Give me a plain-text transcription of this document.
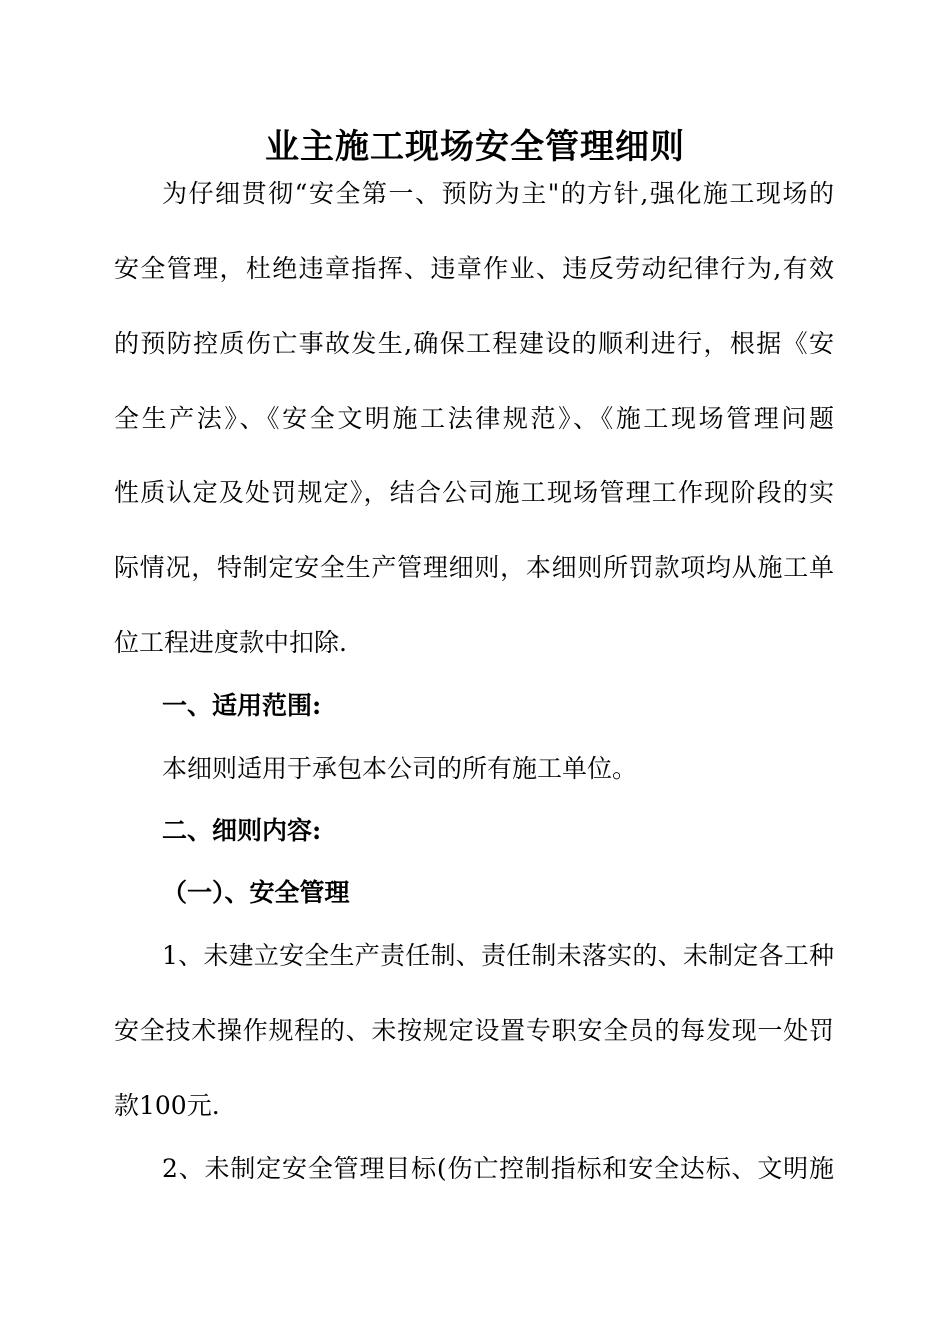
业主施工现场安全管理细则
为仔细贯彻“安全第一、预防为主"的方针,强化施工现场的
安全管理，杜绝违章指挥、违章作业、违反劳动纪律行为,有效
的预防控质伤亡事故发生,确保工程建设的顺利进行，根据《安
全生产法》、《安全文明施工法律规范》、《施工现场管理问题
性质认定及处罚规定》，结合公司施工现场管理工作现阶段的实
际情况，特制定安全生产管理细则，本细则所罚款项均从施工单
位工程进度款中扣除.
一、适用范围:
本细则适用于承包本公司的所有施工单位。
二、细则内容:
（一）、安全管理
1、未建立安全生产责任制、责任制未落实的、未制定各工种
安全技术操作规程的、未按规定设置专职安全员的每发现一处罚
款100元.
2、未制定安全管理目标(伤亡控制指标和安全达标、文明施
